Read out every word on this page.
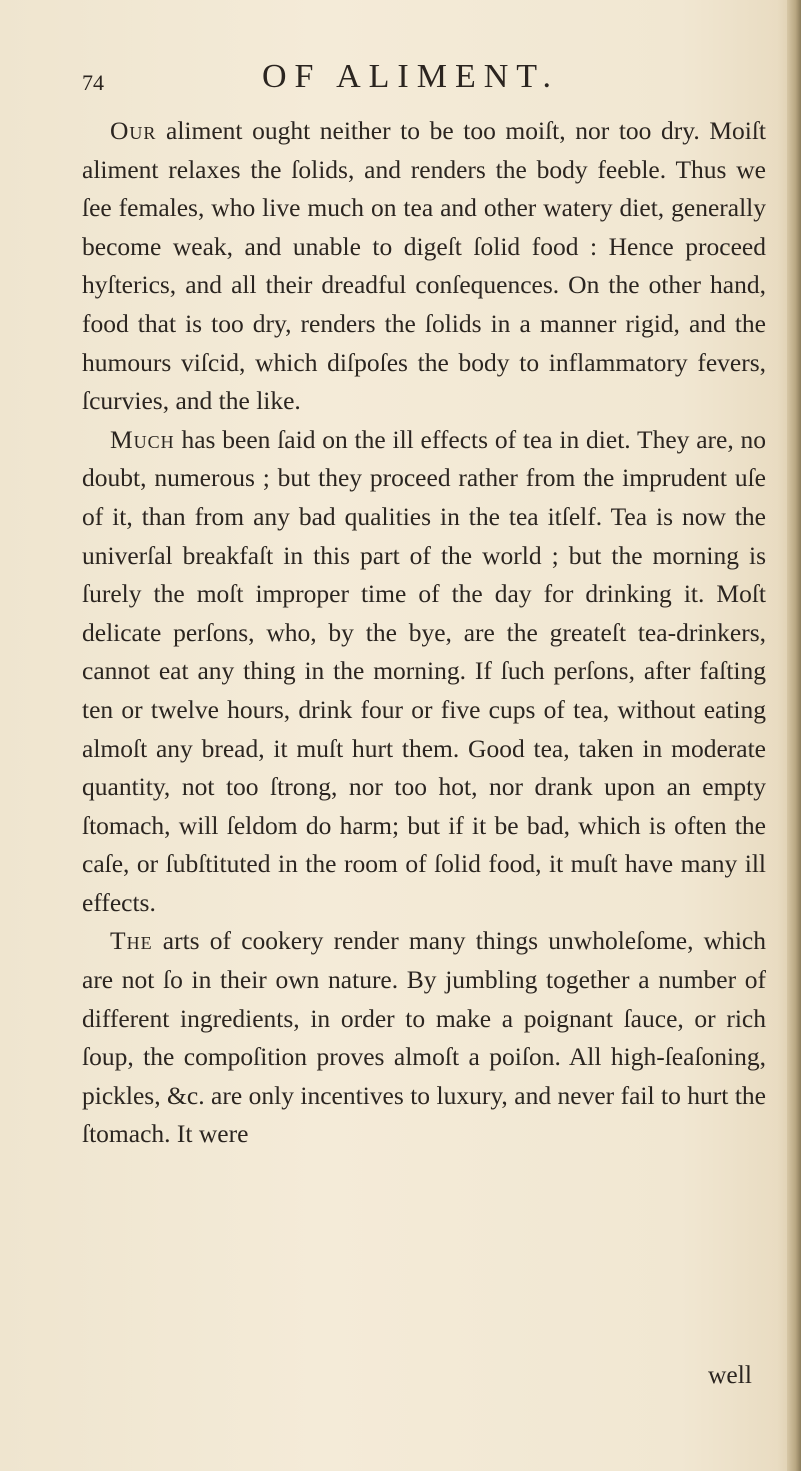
74	OF ALIMENT.

Our aliment ought neither to be too moiſt, nor too dry. Moiſt aliment relaxes the ſolids, and renders the body feeble. Thus we ſee females, who live much on tea and other watery diet, generally become weak, and unable to digeſt ſolid food : Hence proceed hyſterics, and all their dreadful conſequences. On the other hand, food that is too dry, renders the ſolids in a manner rigid, and the humours viſcid, which diſpoſes the body to inflammatory fevers, ſcurvies, and the like.

Much has been ſaid on the ill effects of tea in diet. They are, no doubt, numerous ; but they proceed rather from the imprudent uſe of it, than from any bad qualities in the tea itſelf. Tea is now the univerſal breakfaſt in this part of the world ; but the morning is ſurely the moſt improper time of the day for drinking it. Moſt delicate perſons, who, by the bye, are the greateſt tea-drinkers, cannot eat any thing in the morning. If ſuch perſons, after faſting ten or twelve hours, drink four or five cups of tea, without eating almoſt any bread, it muſt hurt them. Good tea, taken in moderate quantity, not too ſtrong, nor too hot, nor drank upon an empty ſtomach, will ſeldom do harm; but if it be bad, which is often the caſe, or ſubſtituted in the room of ſolid food, it muſt have many ill effects.

The arts of cookery render many things unwholeſome, which are not ſo in their own nature. By jumbling together a number of different ingredients, in order to make a poignant ſauce, or rich ſoup, the compoſition proves almoſt a poiſon. All high-ſeaſoning, pickles, &c. are only incentives to luxury, and never fail to hurt the ſtomach. It were

well
